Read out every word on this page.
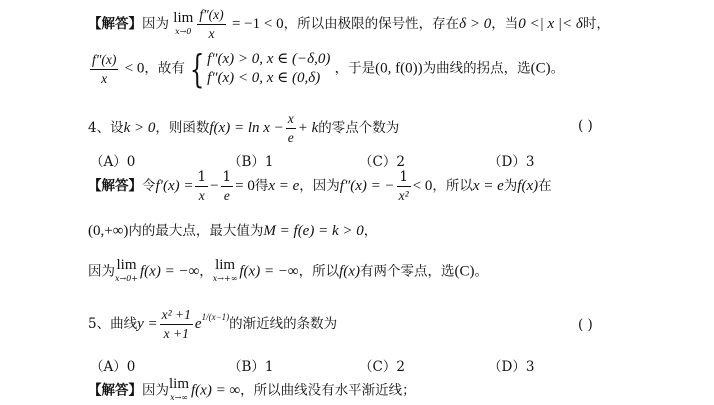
【解答】因为 lim
$x\to 0 \frac{f''(x)}{x} = -1 < 0$，所以由极限的保号性，存在δ > 0，当0 <| x |< δ时，
$\frac{f''(x)}{x} < 0$，故有 { f″(x) > 0, x ∈ (−δ,0)
f″(x) < 0, x ∈ (0,δ)
，于是(0, f(0))为曲线的拐点，选(C)。
4、设k > 0，则函数$f(x) = \ln x - \frac{x}{e} + k$的零点个数为	( )
（A）0	（B）1	（C）2	（D）3
【解答】令$f'(x) = \frac{1}{x} - \frac{1}{e} = 0$得x = e，因为f″(x) = − $\frac{1}{\text{x²}} < 0$，所以x = e为f(x)在
(0,+∞)内的最大点，最大值为M = f(e) = k > 0，
因为 lim
x→0+ f(x) = −∞， lim
x→+∞ f(x) = −∞，所以f(x)有两个零点，选(C)。
5、曲线$y = \frac{\text{x² +1}}{x +1} e^{1/(x-1)}$的渐近线的条数为	( )
（A）0	（B）1	（C）2	（D）3
【解答】因为 lim
x→∞ f(x) = ∞，所以曲线没有水平渐近线；
